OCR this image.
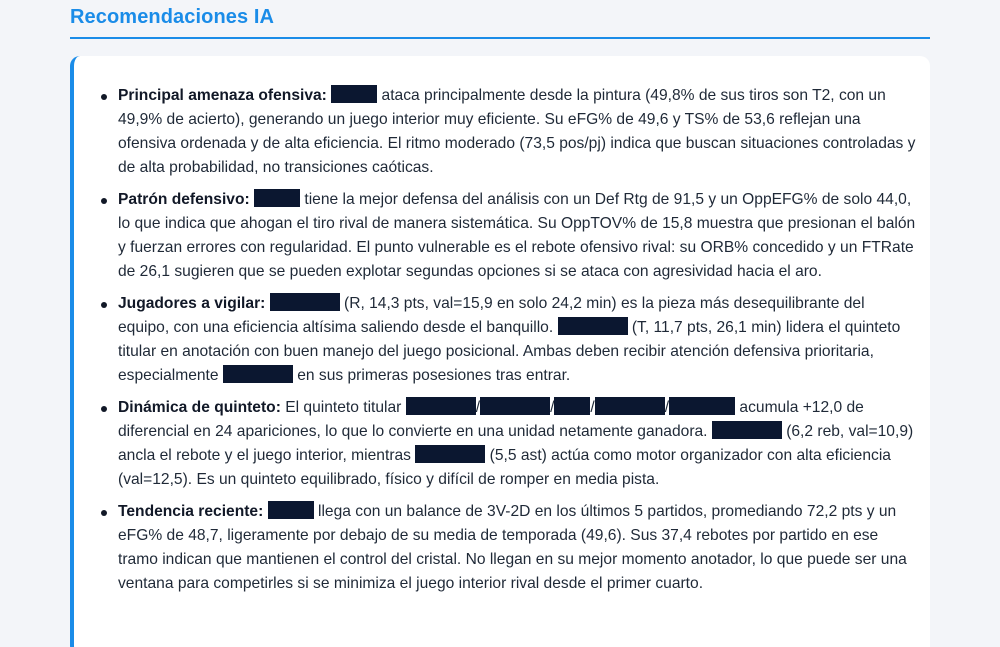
Recomendaciones IA
Principal amenaza ofensiva:	ataca principalmente desde la pintura (49,8% de sus tiros son T2, con un 49,9% de acierto), generando un juego interior muy eficiente. Su eFG% de 49,6 y TS% de 53,6 reflejan una ofensiva ordenada y de alta eficiencia. El ritmo moderado (73,5 pos/pj) indica que buscan situaciones controladas y de alta probabilidad, no transiciones caóticas.
Patrón defensivo:	tiene la mejor defensa del análisis con un Def Rtg de 91,5 y un OppEFG% de solo 44,0, lo que indica que ahogan el tiro rival de manera sistemática. Su OppTOV% de 15,8 muestra que presionan el balón y fuerzan errores con regularidad. El punto vulnerable es el rebote ofensivo rival: su ORB% concedido y un FTRate de 26,1 sugieren que se pueden explotar segundas opciones si se ataca con agresividad hacia el aro.
Jugadores a vigilar:	(R, 14,3 pts, val=15,9 en solo 24,2 min) es la pieza más desequilibrante del equipo, con una eficiencia altísima saliendo desde el banquillo.	(T, 11,7 pts, 26,1 min) lidera el quinteto titular en anotación con buen manejo del juego posicional. Ambas deben recibir atención defensiva prioritaria, especialmente	en sus primeras posesiones tras entrar.
Dinámica de quinteto: El quinteto titular	/	/ /	/	acumula +12,0 de diferencial en 24 apariciones, lo que lo convierte en una unidad netamente ganadora.	(6,2 reb, val=10,9) ancla el rebote y el juego interior, mientras	(5,5 ast) actúa como motor organizador con alta eficiencia (val=12,5). Es un quinteto equilibrado, físico y difícil de romper en media pista.
Tendencia reciente:	llega con un balance de 3V-2D en los últimos 5 partidos, promediando 72,2 pts y un eFG% de 48,7, ligeramente por debajo de su media de temporada (49,6). Sus 37,4 rebotes por partido en ese tramo indican que mantienen el control del cristal. No llegan en su mejor momento anotador, lo que puede ser una ventana para competirles si se minimiza el juego interior rival desde el primer cuarto.
